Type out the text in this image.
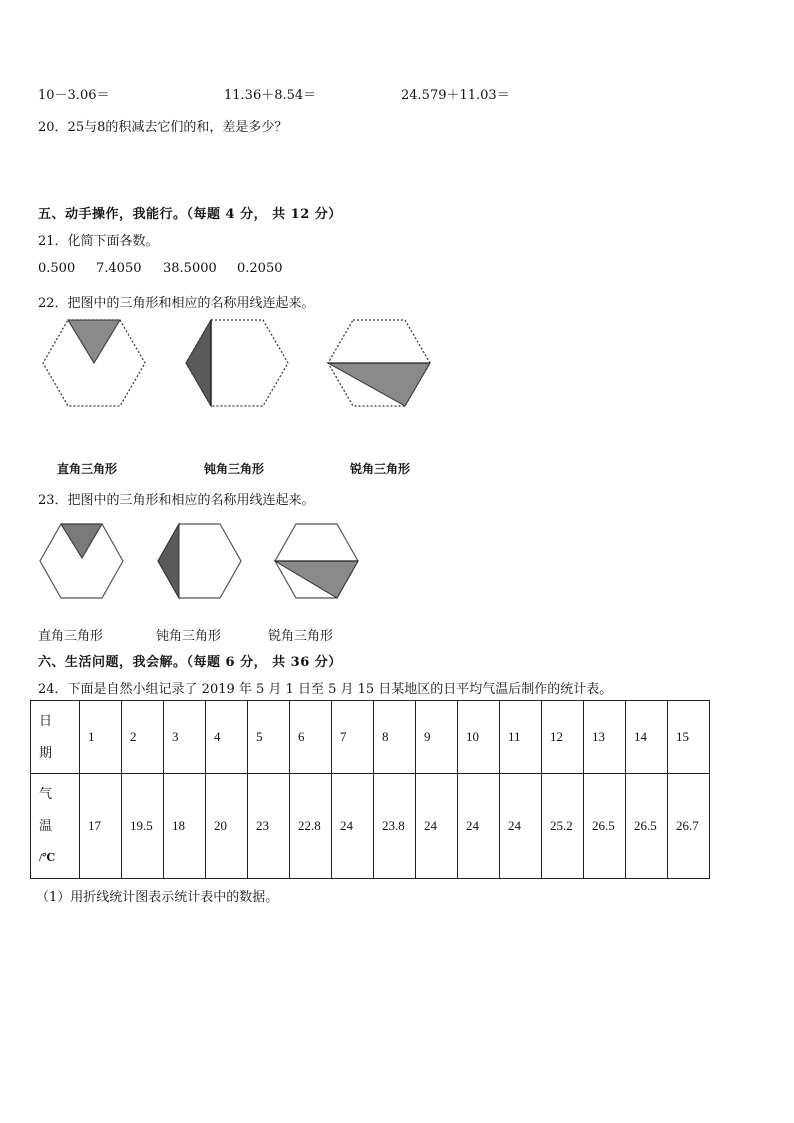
10－3.06＝	11.36＋8.54＝	24.579＋11.03＝
20．25与8的积减去它们的和，差是多少？
五、动手操作，我能行。（每题 4 分， 共 12 分）
21．化简下面各数。
0.500 7.4050 38.5000 0.2050
22．把图中的三角形和相应的名称用线连起来。
直角三角形	钝角三角形	锐角三角形
23．把图中的三角形和相应的名称用线连起来。
直角三角形	钝角三角形	锐角三角形
六、生活问题，我会解。（每题 6 分， 共 36 分）
24．下面是自然小组记录了 2019 年 5 月 1 日至 5 月 15 日某地区的日平均气温后制作的统计表。
日
期	1	2	3	4	5	6	7	8	9	10	11	12	13	14	15

气
温
/℃	17	19.5	18	20	23	22.8	24	23.8	24	24	24	25.2	26.5	26.5	26.7
（1）用折线统计图表示统计表中的数据。
